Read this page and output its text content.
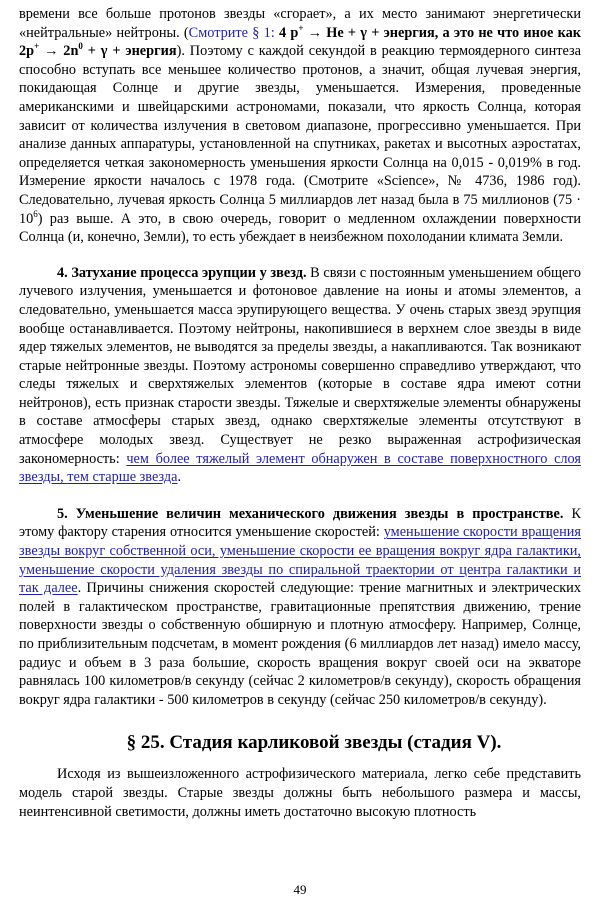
времени все больше протонов звезды «сгорает», а их место занимают энергетически «нейтральные» нейтроны. (Смотрите § 1: 4 p+ → He + γ + энергия, а это не что иное как $2p^+ \to 2n^0 + \gamma$ + энергия). Поэтому с каждой секундой в реакцию термоядерного синтеза способно вступать все меньшее количество протонов, а значит, общая лучевая энергия, покидающая Солнце и другие звезды, уменьшается. Измерения, проведенные американскими и швейцарскими астрономами, показали, что яркость Солнца, которая зависит от количества излучения в световом диапазоне, прогрессивно уменьшается. При анализе данных аппаратуры, установленной на спутниках, ракетах и высотных аэростатах, определяется четкая закономерность уменьшения яркости Солнца на 0,015 - 0,019% в год. Измерение яркости началось с 1978 года. (Смотрите «Science», № 4736, 1986 год). Следовательно, лучевая яркость Солнца 5 миллиардов лет назад была в 75 миллионов $(75 \cdot 10^6)$ раз выше. А это, в свою очередь, говорит о медленном охлаждении поверхности Солнца (и, конечно, Земли), то есть убеждает в неизбежном похолодании климата Земли.

4. Затухание процесса эрупции у звезд. В связи с постоянным уменьшением общего лучевого излучения, уменьшается и фотоновое давление на ионы и атомы элементов, а следовательно, уменьшается масса эрупирующего вещества. У очень старых звезд эрупция вообще останавливается. Поэтому нейтроны, накопившиеся в верхнем слое звезды в виде ядер тяжелых элементов, не выводятся за пределы звезды, а накапливаются. Так возникают старые нейтронные звезды. Поэтому астрономы совершенно справедливо утверждают, что следы тяжелых и сверхтяжелых элементов (которые в составе ядра имеют сотни нейтронов), есть признак старости звезды. Тяжелые и сверхтяжелые элементы обнаружены в составе атмосферы старых звезд, однако сверхтяжелые элементы отсутствуют в атмосфере молодых звезд. Существует не резко выраженная астрофизическая закономерность: чем более тяжелый элемент обнаружен в составе поверхностного слоя звезды, тем старше звезда.

5. Уменьшение величин механического движения звезды в пространстве. К этому фактору старения относится уменьшение скоростей: уменьшение скорости вращения звезды вокруг собственной оси, уменьшение скорости ее вращения вокруг ядра галактики, уменьшение скорости удаления звезды по спиральной траектории от центра галактики и так далее. Причины снижения скоростей следующие: трение магнитных и электрических полей в галактическом пространстве, гравитационные препятствия движению, трение поверхности звезды о собственную обширную и плотную атмосферу. Например, Солнце, по приблизительным подсчетам, в момент рождения (6 миллиардов лет назад) имело массу, радиус и объем в 3 раза большие, скорость вращения вокруг своей оси на экваторе равнялась 100 километров/в секунду (сейчас 2 километров/в секунду), скорость обращения вокруг ядра галактики - 500 километров в секунду (сейчас 250 километров/в секунду).

§ 25. Стадия карликовой звезды (стадия V).

Исходя из вышеизложенного астрофизического материала, легко себе представить модель старой звезды. Старые звезды должны быть небольшого размера и массы, неинтенсивной светимости, должны иметь достаточно высокую плотность

49
